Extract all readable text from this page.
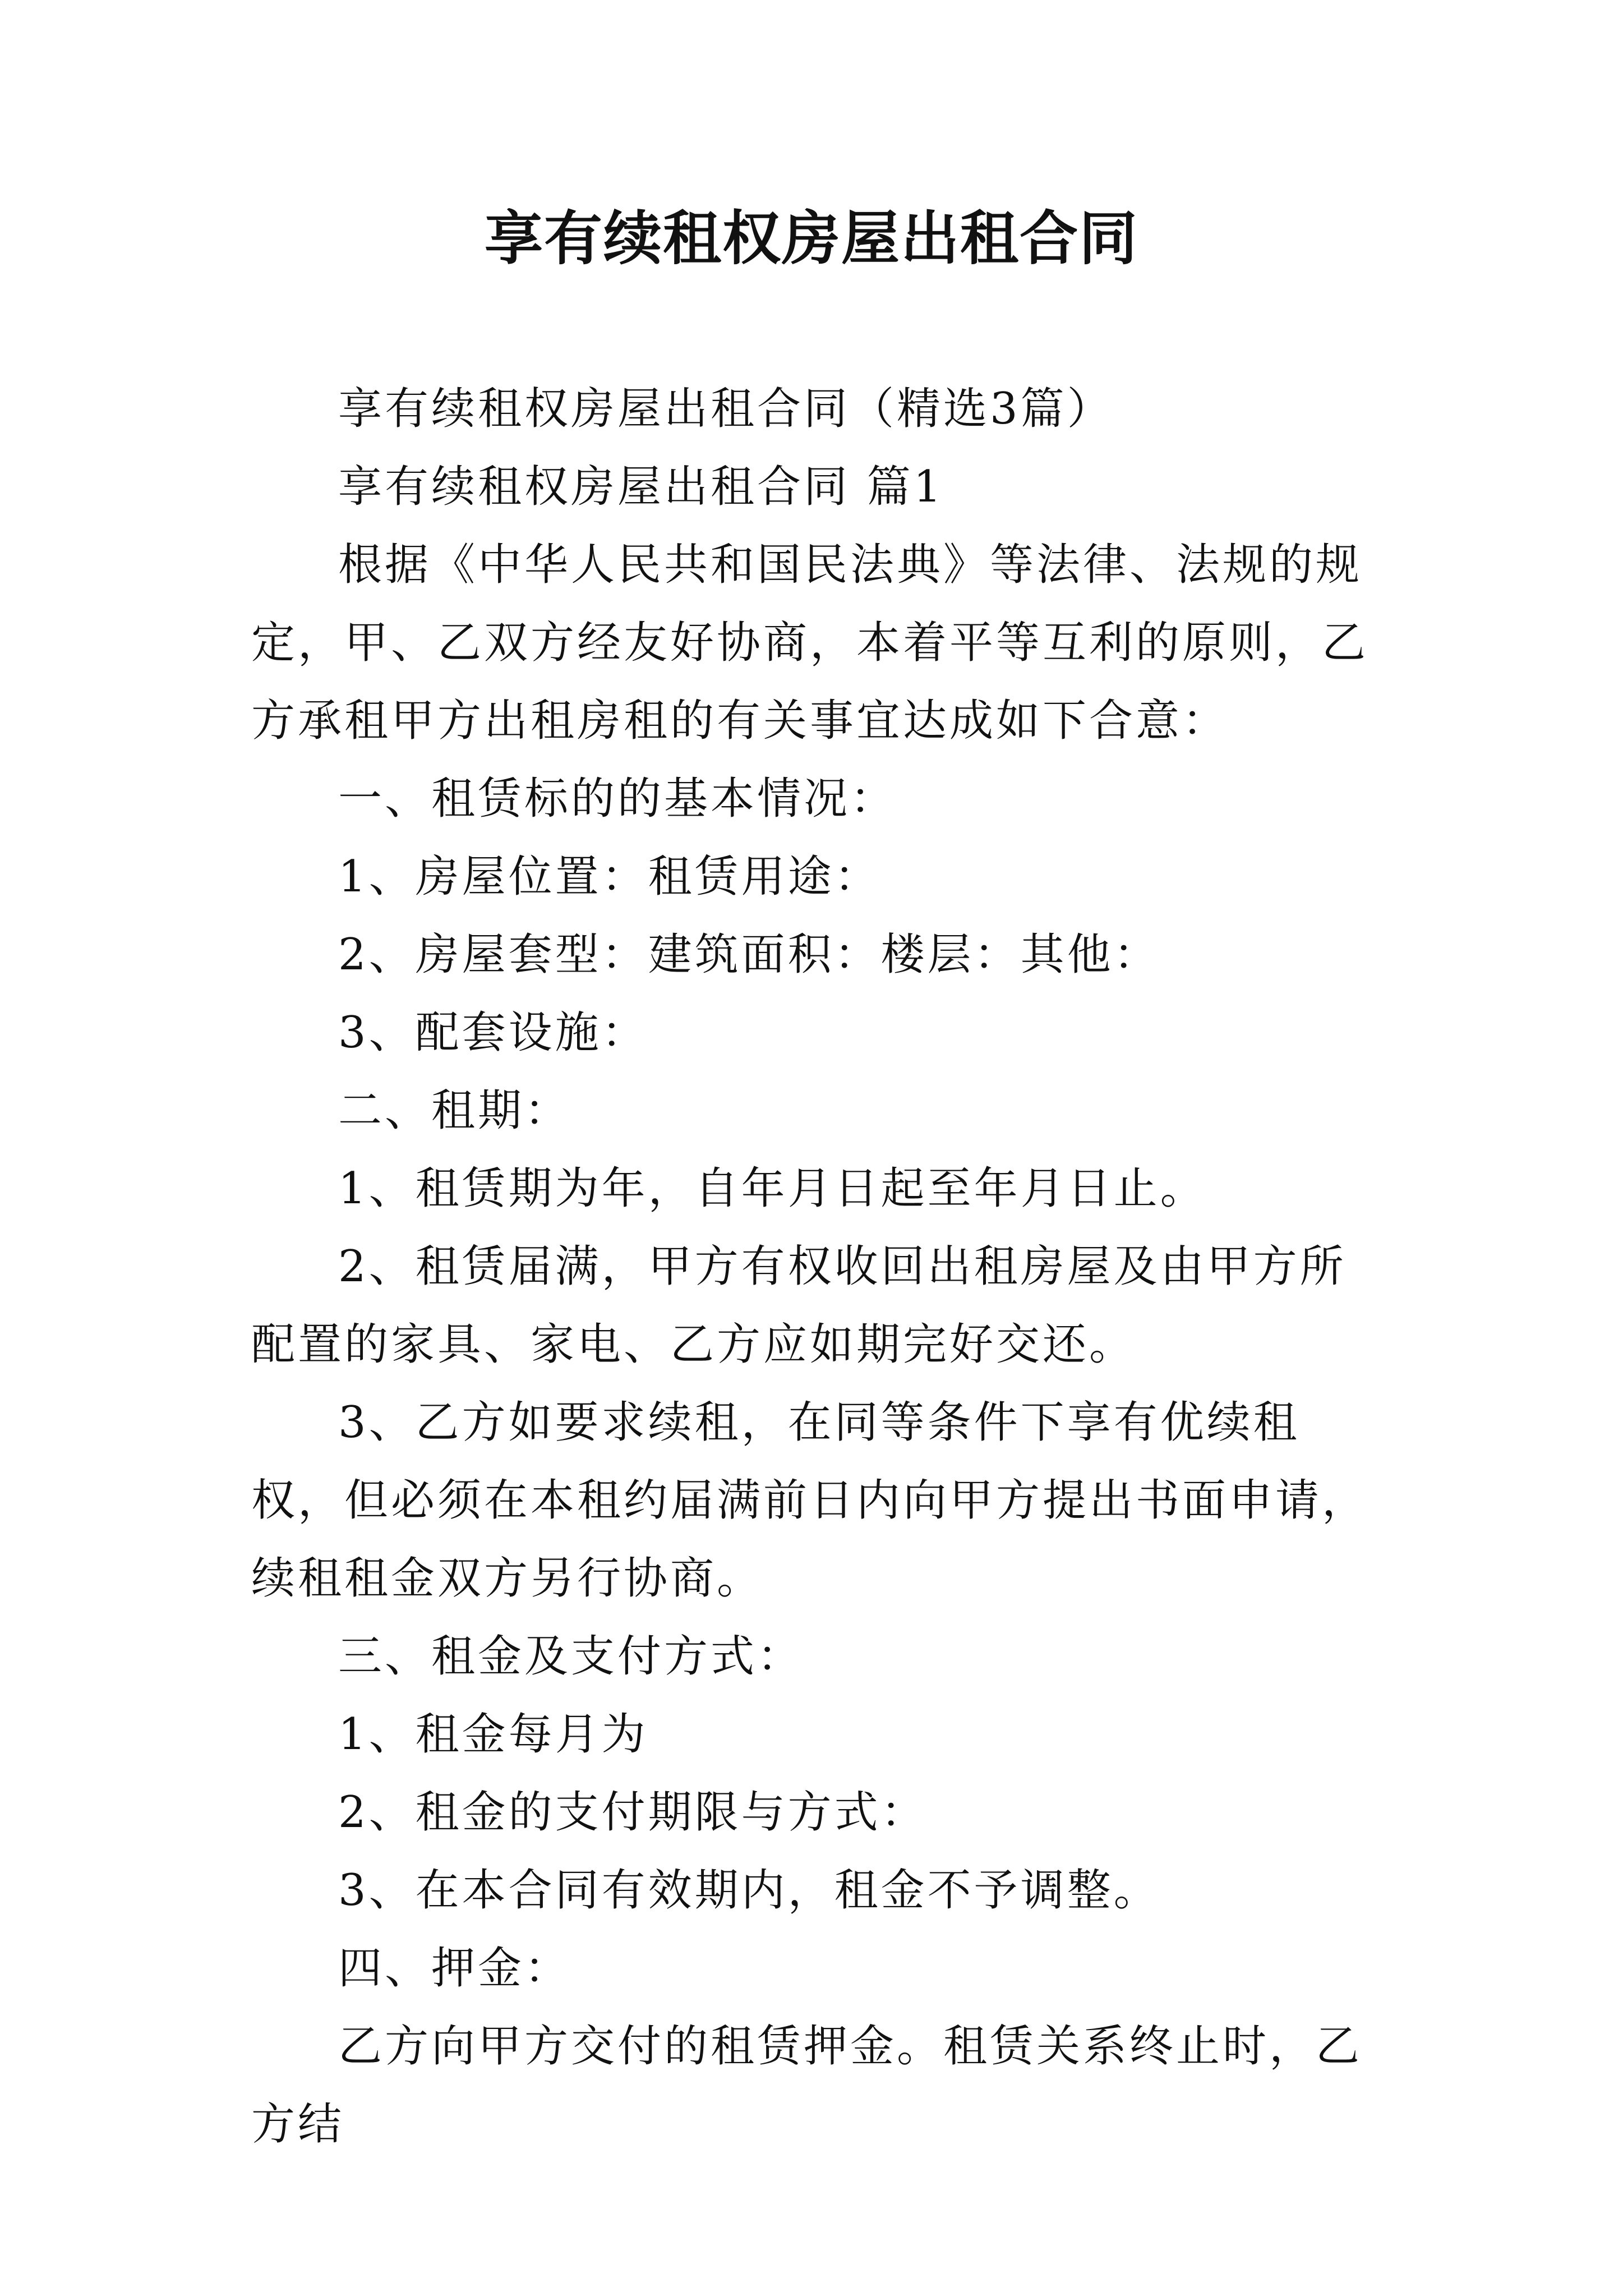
享有续租权房屋出租合同

享有续租权房屋出租合同（精选3篇）

享有续租权房屋出租合同 篇1

根据《中华人民共和国民法典》等法律、法规的规定，甲、乙双方经友好协商，本着平等互利的原则，乙方承租甲方出租房租的有关事宜达成如下合意：

一、租赁标的的基本情况：

1、房屋位置：租赁用途：

2、房屋套型：建筑面积：楼层：其他：

3、配套设施：

二、租期：

1、租赁期为年，自年月日起至年月日止。

2、租赁届满，甲方有权收回出租房屋及由甲方所配置的家具、家电、乙方应如期完好交还。

3、乙方如要求续租，在同等条件下享有优续租权，但必须在本租约届满前日内向甲方提出书面申请，续租租金双方另行协商。

三、租金及支付方式：

1、租金每月为

2、租金的支付期限与方式：

3、在本合同有效期内，租金不予调整。

四、押金：

乙方向甲方交付的租赁押金。租赁关系终止时，乙方结
